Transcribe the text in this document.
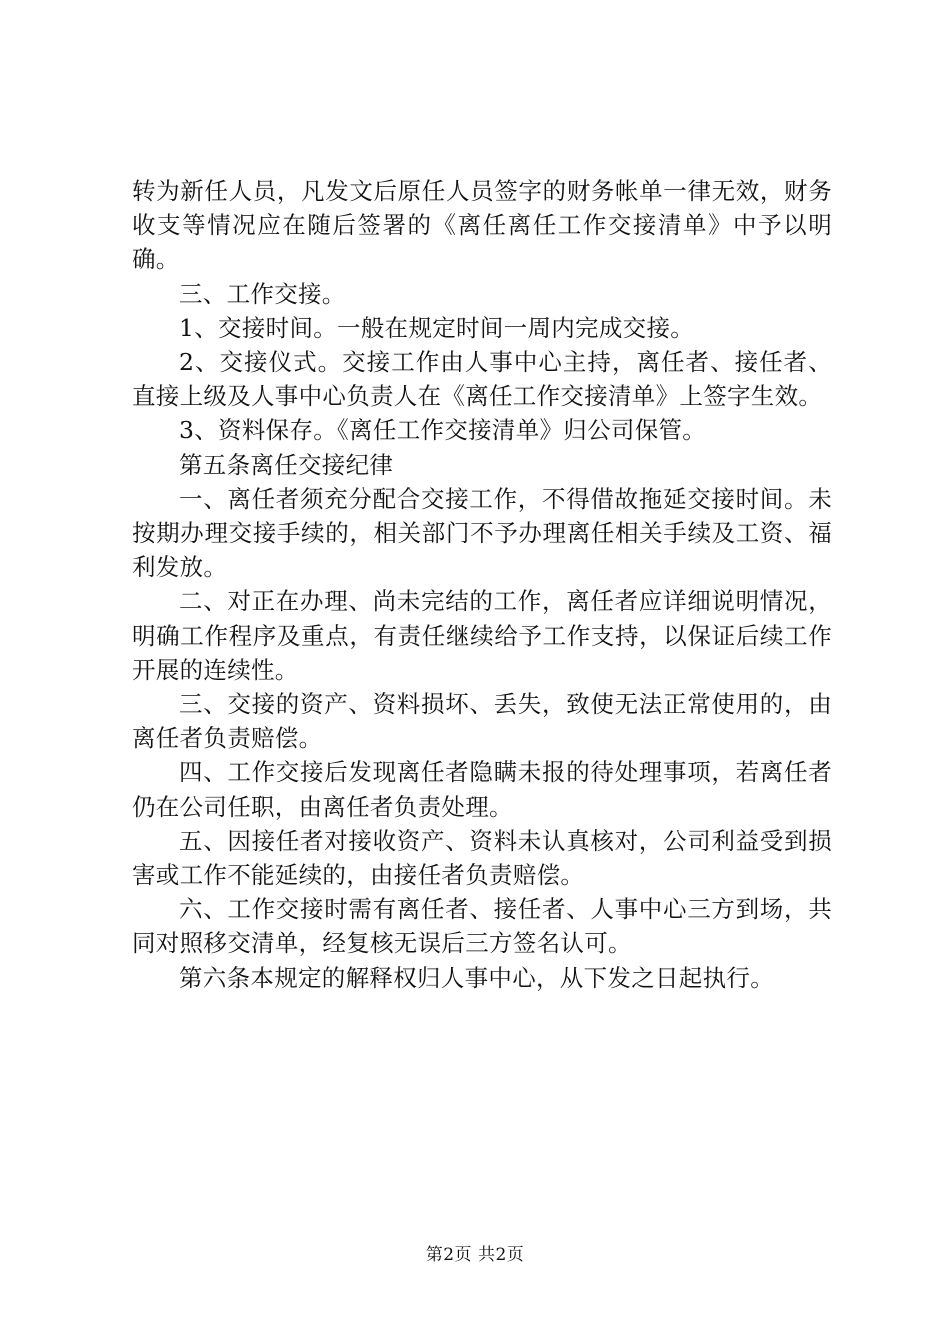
转为新任人员，凡发文后原任人员签字的财务帐单一律无效，财务收支等情况应在随后签署的《离任离任工作交接清单》中予以明确。

三、工作交接。

1、交接时间。一般在规定时间一周内完成交接。

2、交接仪式。交接工作由人事中心主持，离任者、接任者、直接上级及人事中心负责人在《离任工作交接清单》上签字生效。

3、资料保存。《离任工作交接清单》归公司保管。

第五条离任交接纪律

一、离任者须充分配合交接工作，不得借故拖延交接时间。未按期办理交接手续的，相关部门不予办理离任相关手续及工资、福利发放。

二、对正在办理、尚未完结的工作，离任者应详细说明情况，明确工作程序及重点，有责任继续给予工作支持，以保证后续工作开展的连续性。

三、交接的资产、资料损坏、丢失，致使无法正常使用的，由离任者负责赔偿。

四、工作交接后发现离任者隐瞒未报的待处理事项，若离任者仍在公司任职，由离任者负责处理。

五、因接任者对接收资产、资料未认真核对，公司利益受到损害或工作不能延续的，由接任者负责赔偿。

六、工作交接时需有离任者、接任者、人事中心三方到场，共同对照移交清单，经复核无误后三方签名认可。

第六条本规定的解释权归人事中心，从下发之日起执行。

第2页 共2页
